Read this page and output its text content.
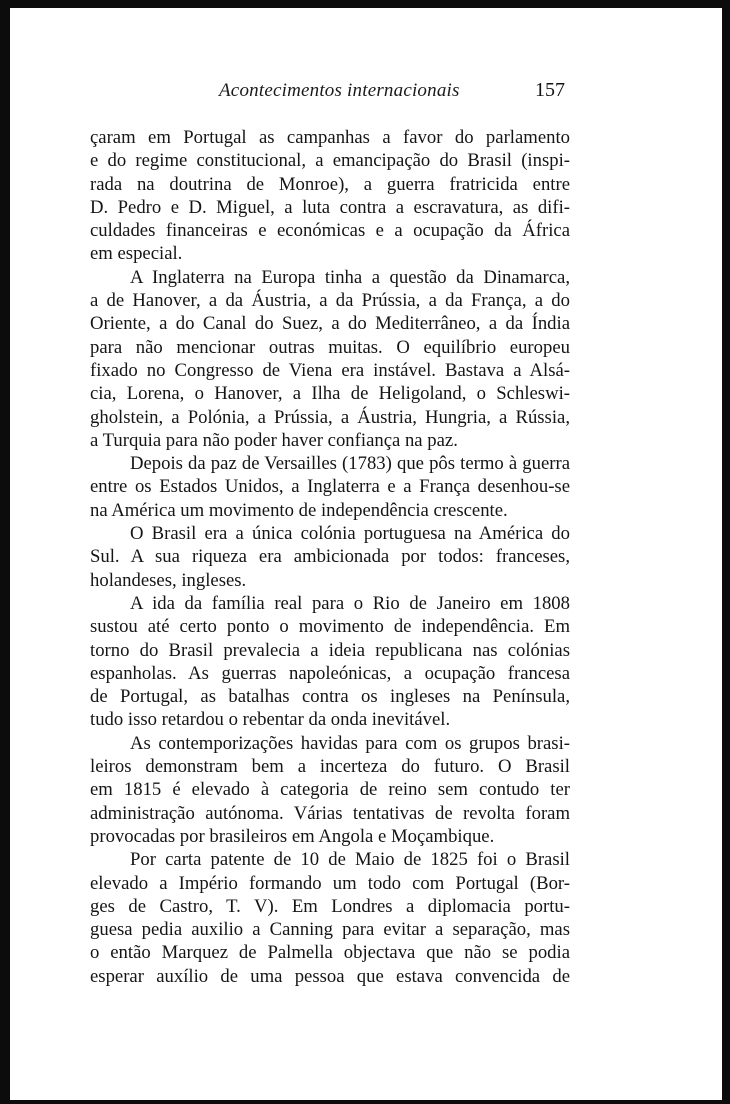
Acontecimentos internacionais	157
çaram em Portugal as campanhas a favor do parlamento
e do regime constitucional, a emancipação do Brasil (inspi-
rada na doutrina de Monroe), a guerra fratricida entre
D. Pedro e D. Miguel, a luta contra a escravatura, as difi-
culdades financeiras e económicas e a ocupação da África
em especial.
A Inglaterra na Europa tinha a questão da Dinamarca,
a de Hanover, a da Áustria, a da Prússia, a da França, a do
Oriente, a do Canal do Suez, a do Mediterrâneo, a da Índia
para não mencionar outras muitas. O equilíbrio europeu
fixado no Congresso de Viena era instável. Bastava a Alsá-
cia, Lorena, o Hanover, a Ilha de Heligoland, o Schleswi-
gholstein, a Polónia, a Prússia, a Áustria, Hungria, a Rússia,
a Turquia para não poder haver confiança na paz.
Depois da paz de Versailles (1783) que pôs termo à guerra
entre os Estados Unidos, a Inglaterra e a França desenhou-se
na América um movimento de independência crescente.
O Brasil era a única colónia portuguesa na América do
Sul. A sua riqueza era ambicionada por todos: franceses,
holandeses, ingleses.
A ida da família real para o Rio de Janeiro em 1808
sustou até certo ponto o movimento de independência. Em
torno do Brasil prevalecia a ideia republicana nas colónias
espanholas. As guerras napoleónicas, a ocupação francesa
de Portugal, as batalhas contra os ingleses na Península,
tudo isso retardou o rebentar da onda inevitável.
As contemporizações havidas para com os grupos brasi-
leiros demonstram bem a incerteza do futuro. O Brasil
em 1815 é elevado à categoria de reino sem contudo ter
administração autónoma. Várias tentativas de revolta foram
provocadas por brasileiros em Angola e Moçambique.
Por carta patente de 10 de Maio de 1825 foi o Brasil
elevado a Império formando um todo com Portugal (Bor-
ges de Castro, T. V). Em Londres a diplomacia portu-
guesa pedia auxilio a Canning para evitar a separação, mas
o então Marquez de Palmella objectava que não se podia
esperar auxílio de uma pessoa que estava convencida de
